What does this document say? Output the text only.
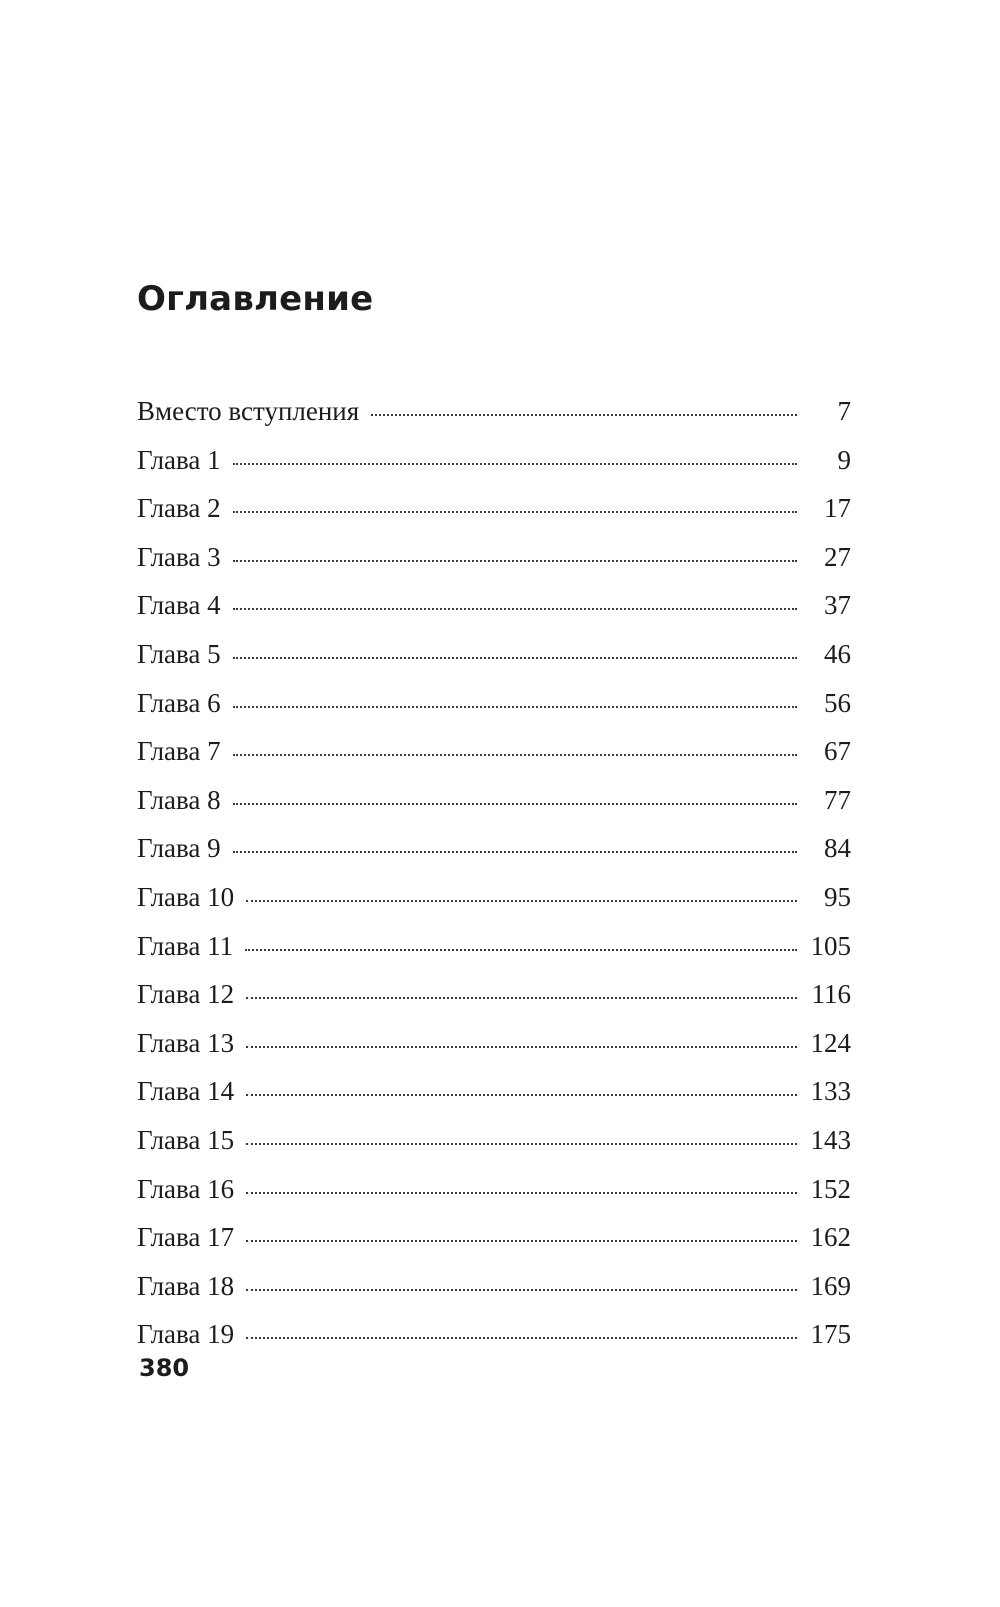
Оглавление
Вместо вступления	7
Глава 1	9
Глава 2	17
Глава 3	27
Глава 4	37
Глава 5	46
Глава 6	56
Глава 7	67
Глава 8	77
Глава 9	84
Глава 10	95
Глава 11	105
Глава 12	116
Глава 13	124
Глава 14	133
Глава 15	143
Глава 16	152
Глава 17	162
Глава 18	169
Глава 19	175
380
